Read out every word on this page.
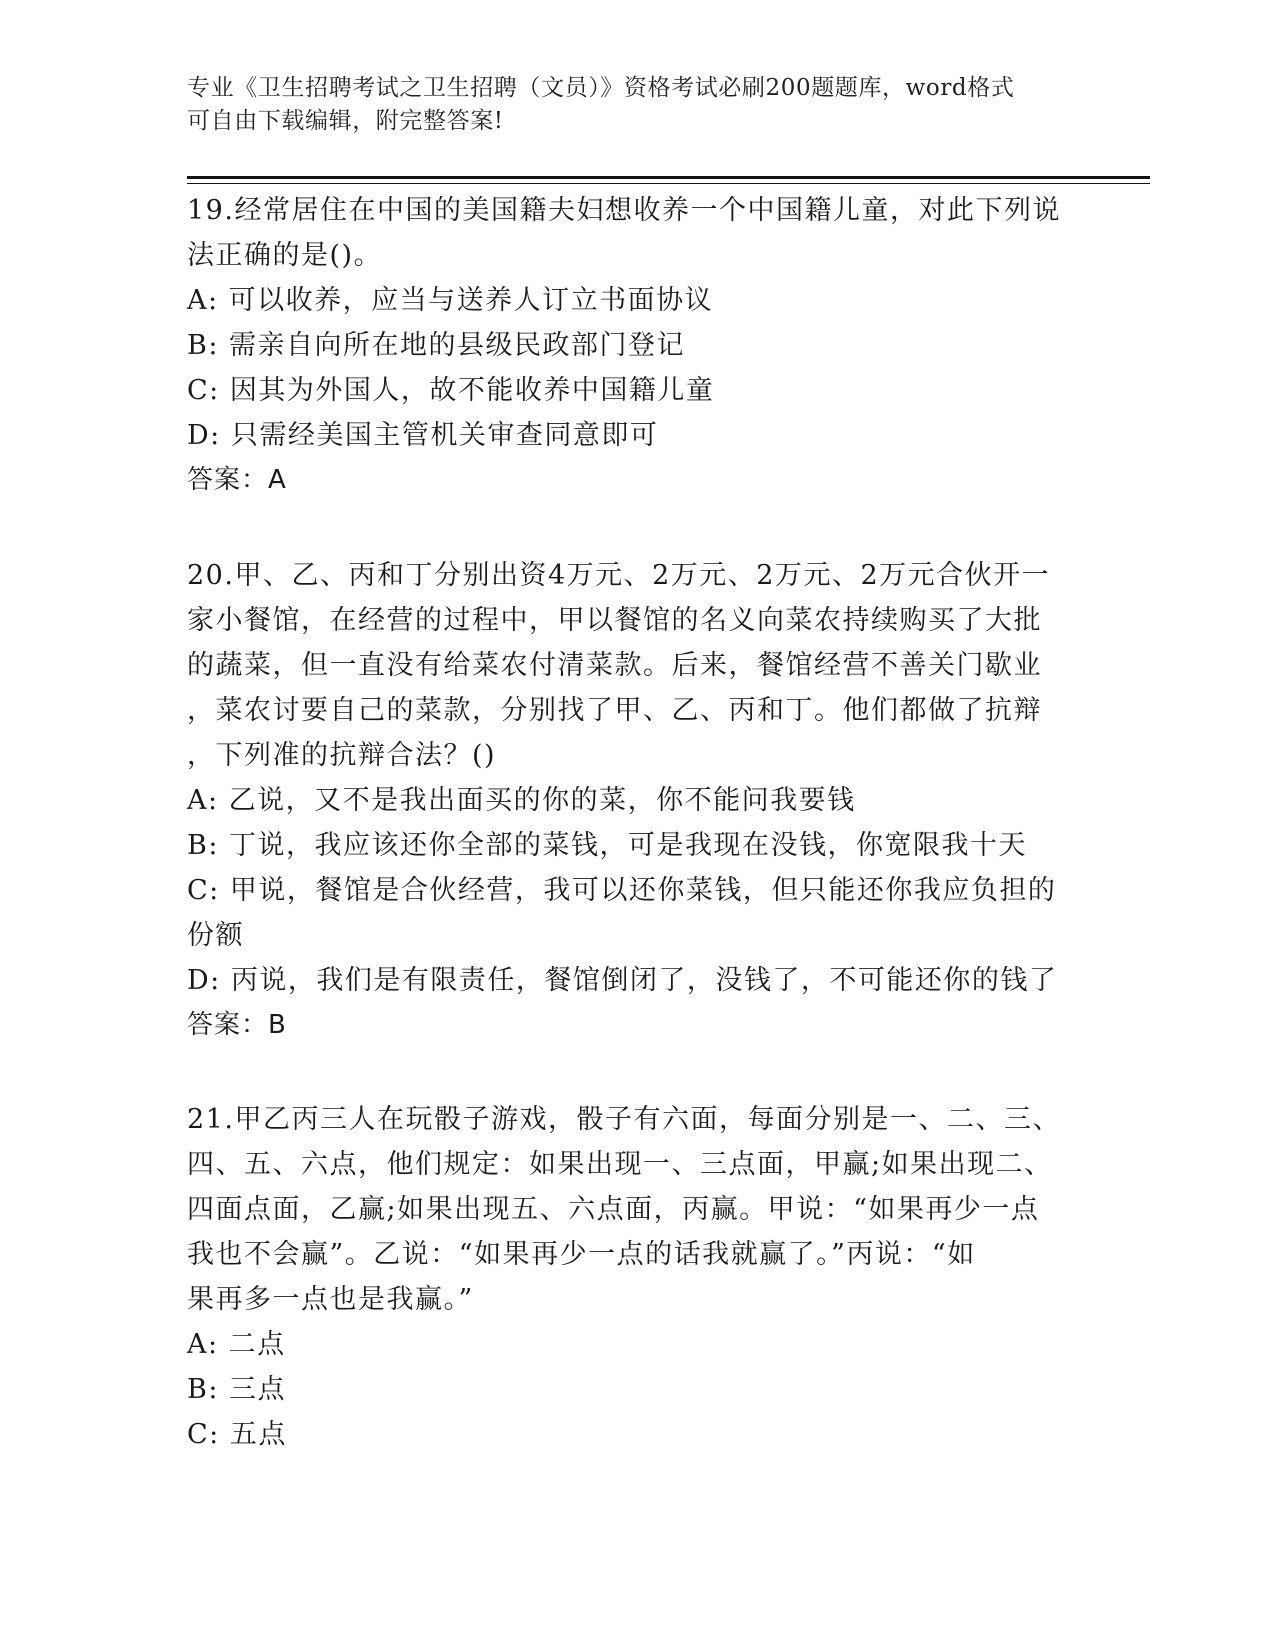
专业《卫生招聘考试之卫生招聘（文员）》资格考试必刷200题题库，word格式

可自由下载编辑，附完整答案!

19.经常居住在中国的美国籍夫妇想收养一个中国籍儿童，对此下列说

法正确的是()。

A: 可以收养，应当与送养人订立书面协议

B: 需亲自向所在地的县级民政部门登记

C: 因其为外国人，故不能收养中国籍儿童

D: 只需经美国主管机关审查同意即可

答案：A

20.甲、乙、丙和丁分别出资4万元、2万元、2万元、2万元合伙开一

家小餐馆，在经营的过程中，甲以餐馆的名义向菜农持续购买了大批

的蔬菜，但一直没有给菜农付清菜款。后来，餐馆经营不善关门歇业

，菜农讨要自己的菜款，分别找了甲、乙、丙和丁。他们都做了抗辩

，下列准的抗辩合法？()

A: 乙说，又不是我出面买的你的菜，你不能问我要钱

B: 丁说，我应该还你全部的菜钱，可是我现在没钱，你宽限我十天

C: 甲说，餐馆是合伙经营，我可以还你菜钱，但只能还你我应负担的

份额

D: 丙说，我们是有限责任，餐馆倒闭了，没钱了，不可能还你的钱了

答案：B

21.甲乙丙三人在玩骰子游戏，骰子有六面，每面分别是一、二、三、

四、五、六点，他们规定：如果出现一、三点面，甲赢;如果出现二、

四面点面，乙赢;如果出现五、六点面，丙赢。甲说：“如果再少一点

我也不会赢”。乙说：“如果再少一点的话我就赢了。”丙说：“如

果再多一点也是我赢。”

A: 二点

B: 三点

C: 五点
